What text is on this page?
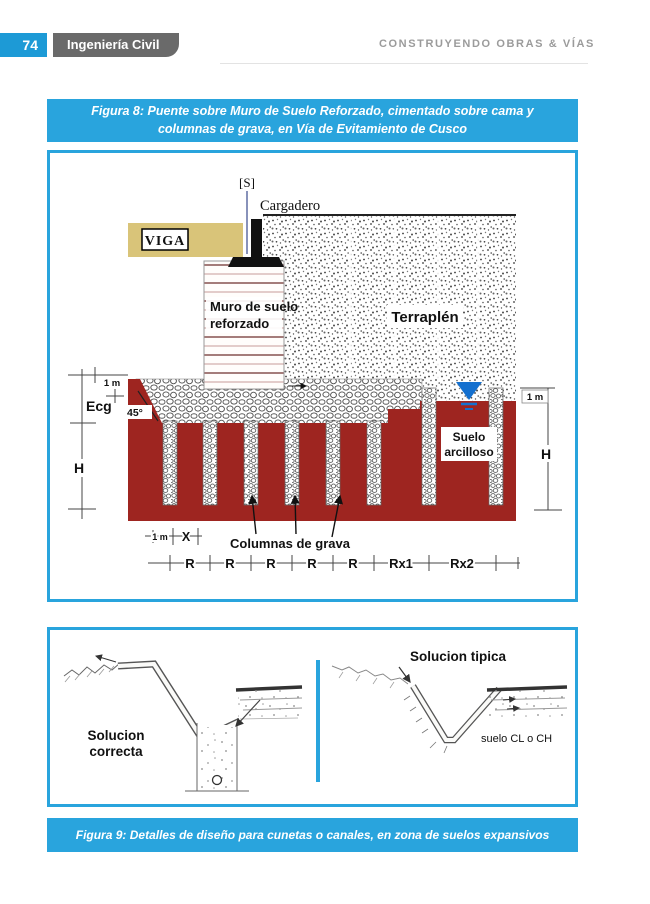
74	Ingeniería Civil	CONSTRUYENDO OBRAS & VÍAS
Figura 8: Puente sobre Muro de Suelo Reforzado, cimentado sobre cama y columnas de grava, en Vía de Evitamiento de Cusco
45°
Muro de suelo
reforzado
VIGA
[S]
Cargadero
Terraplén
Suelo
arcilloso
1 m
Ecg
H
1 m
H
1 m X	Columnas de grava
R R R R R Rx1	Rx2
Solucion
correcta
Solucion tipica
suelo CL o CH
Figura 9: Detalles de diseño para cunetas o canales, en zona de suelos expansivos
